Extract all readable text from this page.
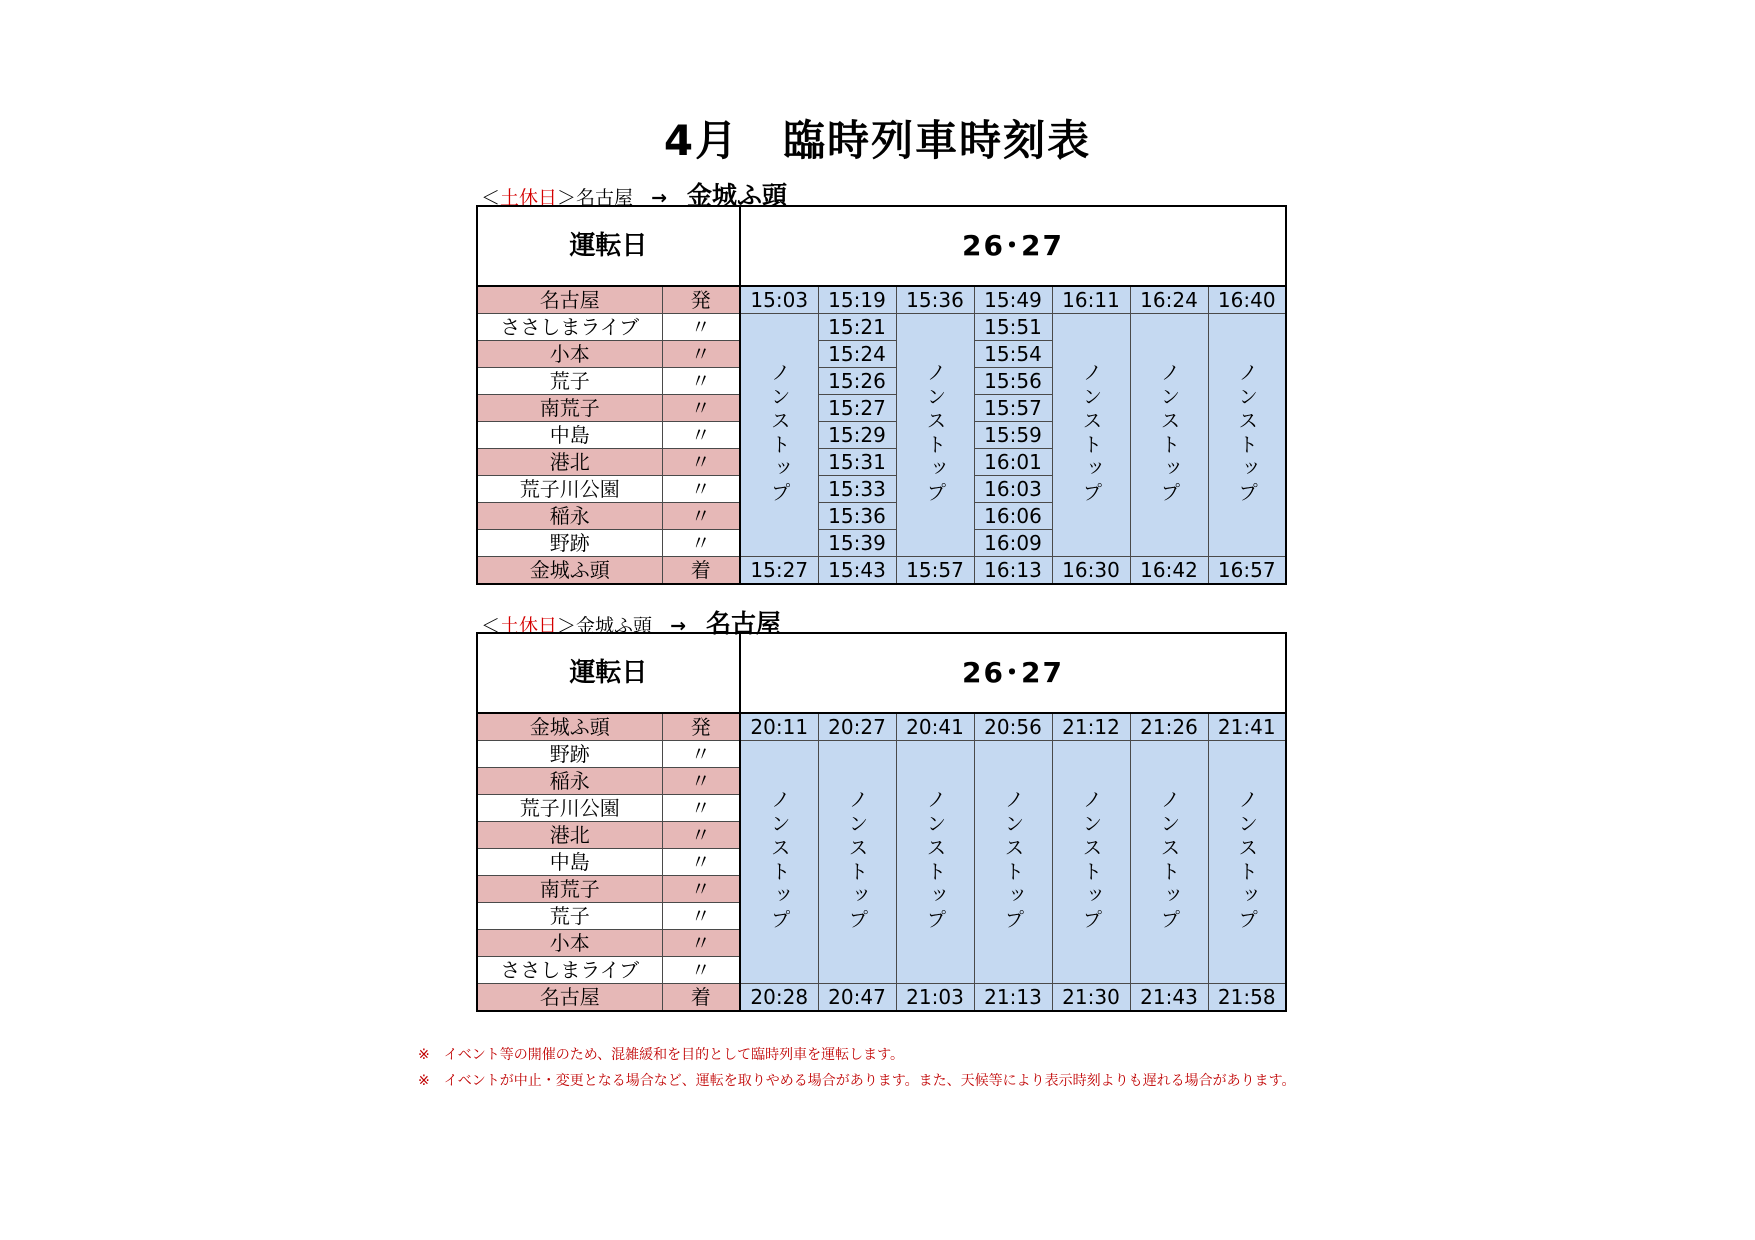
4月　臨時列車時刻表
＜土休日＞名古屋 → 金城ふ頭
運転日		26･27						
名古屋	発	15:03	15:19	15:36	15:49	16:11	16:24	16:40
ささしまライブ	〃	ノンストップ	15:21	ノンストップ	15:51	ノンストップ	ノンストップ	ノンストップ
小本	〃		15:24		15:54			
荒子	〃		15:26		15:56			
南荒子	〃		15:27		15:57			
中島	〃		15:29		15:59			
港北	〃		15:31		16:01			
荒子川公園	〃		15:33		16:03			
稲永	〃		15:36		16:06			
野跡	〃		15:39		16:09			
金城ふ頭	着	15:27	15:43	15:57	16:13	16:30	16:42	16:57
＜土休日＞金城ふ頭 → 名古屋
運転日		26･27						
金城ふ頭	発	20:11	20:27	20:41	20:56	21:12	21:26	21:41
野跡	〃	ノンストップ	ノンストップ	ノンストップ	ノンストップ	ノンストップ	ノンストップ	ノンストップ
稲永	〃							
荒子川公園	〃							
港北	〃							
中島	〃							
南荒子	〃							
荒子	〃							
小本	〃							
ささしまライブ	〃							
名古屋	着	20:28	20:47	21:03	21:13	21:30	21:43	21:58
※ イベント等の開催のため、混雑緩和を目的として臨時列車を運転します。
※ イベントが中止・変更となる場合など、運転を取りやめる場合があります。また、天候等により表示時刻よりも遅れる場合があります。
